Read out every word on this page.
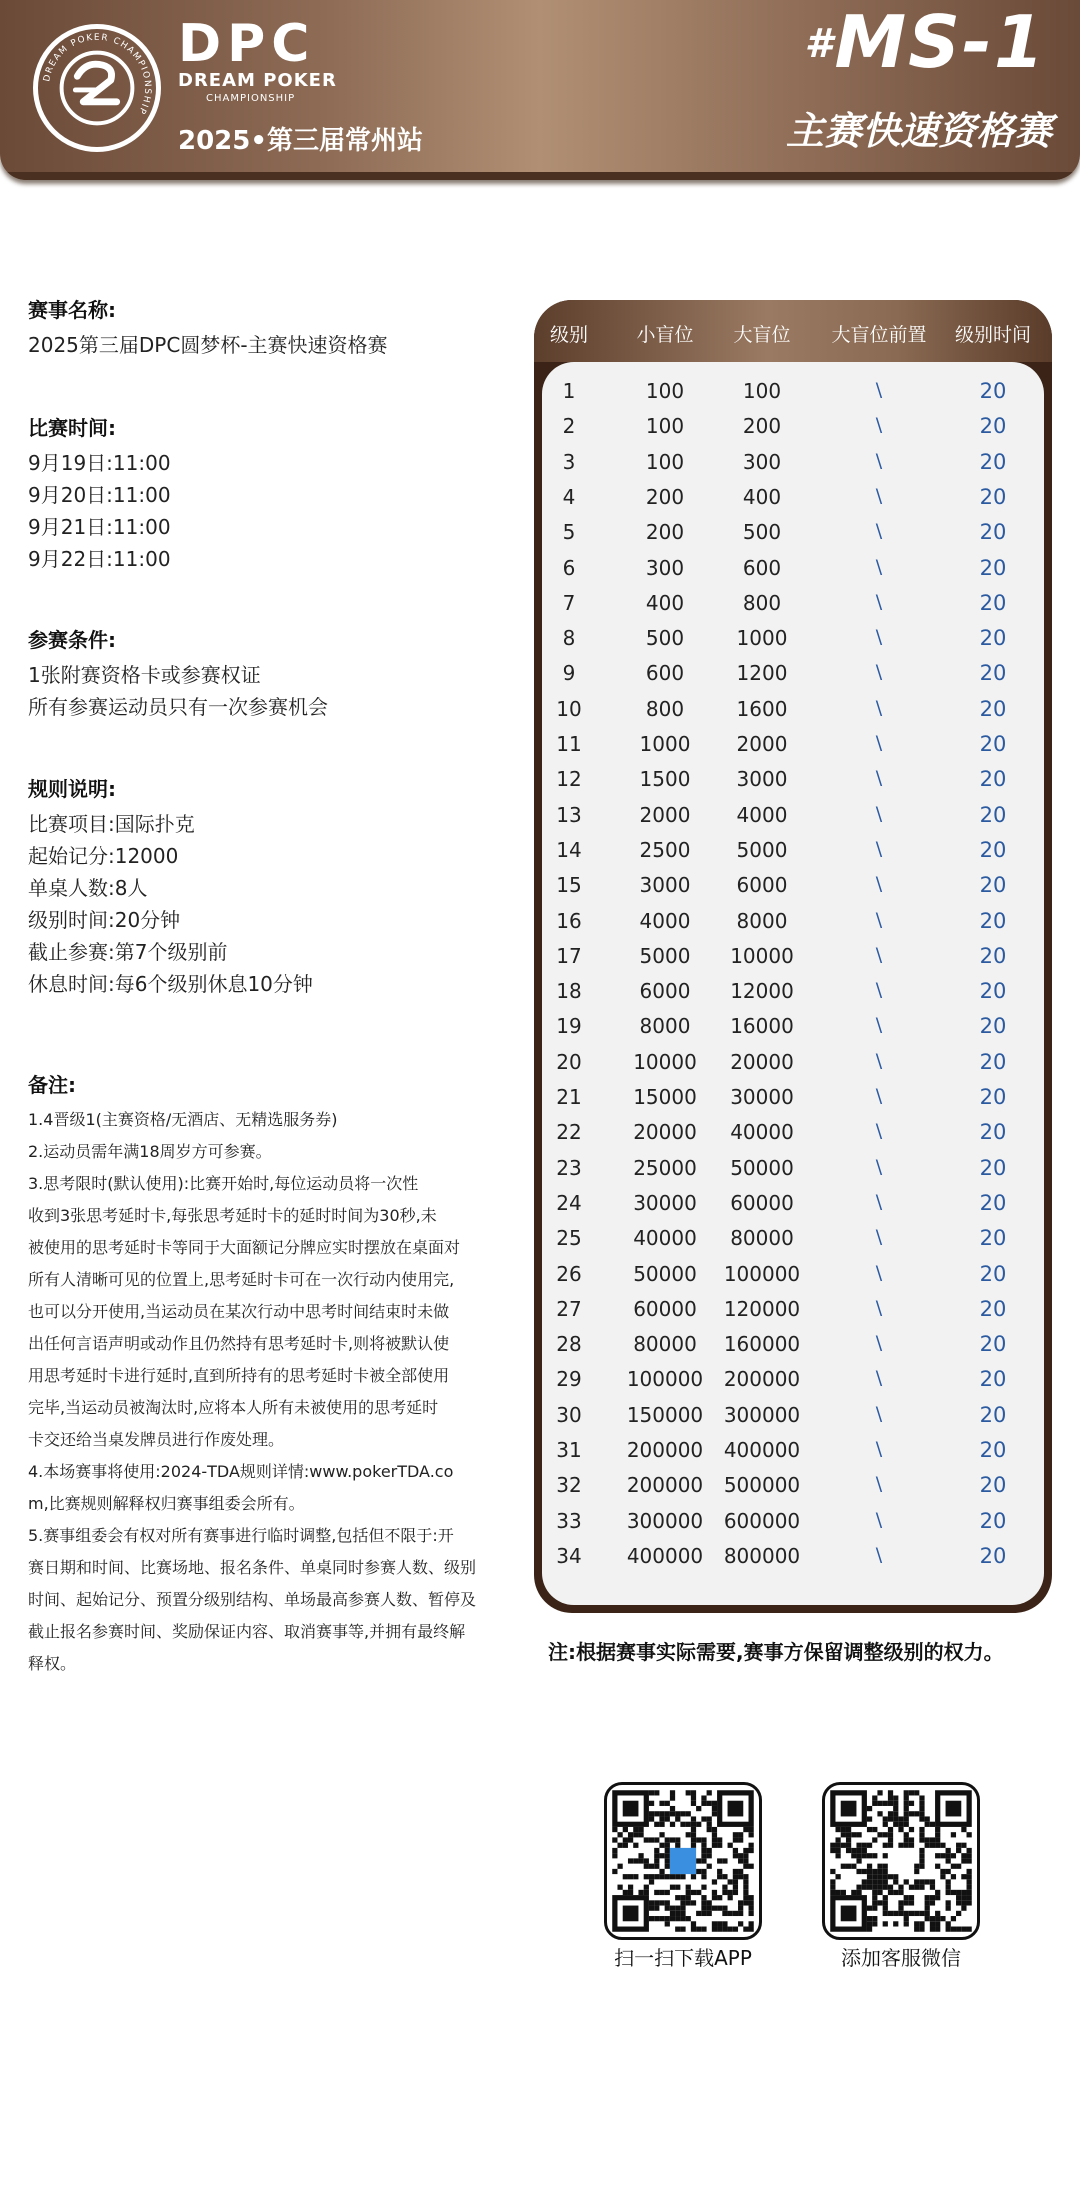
DREAM POKER CHAMPIONSHIP
DPC
DREAM POKER
CHAMPIONSHIP
2025•第三届常州站
#MS-1
主赛快速资格赛
赛事名称:
2025第三届DPC圆梦杯-主赛快速资格赛
比赛时间:
9月19日:11:00
9月20日:11:00
9月21日:11:00
9月22日:11:00
参赛条件:
1张附赛资格卡或参赛权证
所有参赛运动员只有一次参赛机会
规则说明:
比赛项目:国际扑克
起始记分:12000
单桌人数:8人
级别时间:20分钟
截止参赛:第7个级别前
休息时间:每6个级别休息10分钟
备注:
1.4晋级1(主赛资格/无酒店、无精选服务券)
2.运动员需年满18周岁方可参赛。
3.思考限时(默认使用):比赛开始时,每位运动员将一次性
收到3张思考延时卡,每张思考延时卡的延时时间为30秒,未
被使用的思考延时卡等同于大面额记分牌应实时摆放在桌面对
所有人清晰可见的位置上,思考延时卡可在一次行动内使用完,
也可以分开使用,当运动员在某次行动中思考时间结束时未做
出任何言语声明或动作且仍然持有思考延时卡,则将被默认使
用思考延时卡进行延时,直到所持有的思考延时卡被全部使用
完毕,当运动员被淘汰时,应将本人所有未被使用的思考延时
卡交还给当桌发牌员进行作废处理。
4.本场赛事将使用:2024-TDA规则详情:www.pokerTDA.co
m,比赛规则解释权归赛事组委会所有。
5.赛事组委会有权对所有赛事进行临时调整,包括但不限于:开
赛日期和时间、比赛场地、报名条件、单桌同时参赛人数、级别
时间、起始记分、预置分级别结构、单场最高参赛人数、暂停及
截止报名参赛时间、奖励保证内容、取消赛事等,并拥有最终解
释权。
级别	小盲位	大盲位	大盲位前置	级别时间
1	100	100	\	20
2	100	200	\	20
3	100	300	\	20
4	200	400	\	20
5	200	500	\	20
6	300	600	\	20
7	400	800	\	20
8	500	1000	\	20
9	600	1200	\	20
10	800	1600	\	20
11	1000	2000	\	20
12	1500	3000	\	20
13	2000	4000	\	20
14	2500	5000	\	20
15	3000	6000	\	20
16	4000	8000	\	20
17	5000	10000	\	20
18	6000	12000	\	20
19	8000	16000	\	20
20	10000	20000	\	20
21	15000	30000	\	20
22	20000	40000	\	20
23	25000	50000	\	20
24	30000	60000	\	20
25	40000	80000	\	20
26	50000	100000	\	20
27	60000	120000	\	20
28	80000	160000	\	20
29	100000	200000	\	20
30	150000	300000	\	20
31	200000	400000	\	20
32	200000	500000	\	20
33	300000	600000	\	20
34	400000	800000	\	20
注:根据赛事实际需要,赛事方保留调整级别的权力。
扫一扫下载APP	添加客服微信
